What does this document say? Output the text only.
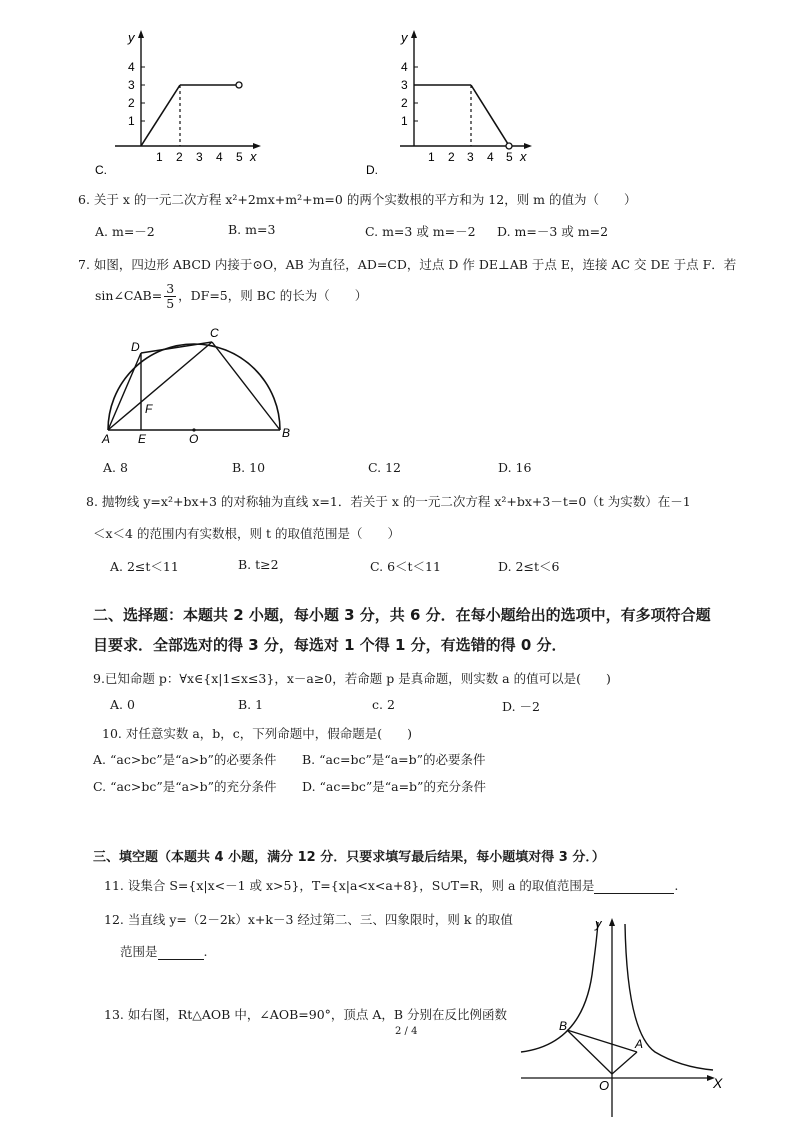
1
2
3
4
y
1 2 3 4 5 x
C.
1
2
3
4
y
1 2 3 4 5 x
D.
6. 关于 x 的一元二次方程 x²+2mx+m²+m=0 的两个实数根的平方和为 12，则 m 的值为（　　）
A. m=－2	B. m=3	C. m=3 或 m=－2 D. m=－3 或 m=2
7. 如图，四边形 ABCD 内接于⊙O，AB 为直径，AD=CD，过点 D 作 DE⊥AB 于点 E，连接 AC 交 DE 于点 F．若
sin∠CAB= $\frac{3}{5}$ ，DF=5，则 BC 的长为（　　）
A E	O	B
C
D
F
A. 8	B. 10	C. 12	D. 16
8. 抛物线 y=x²+bx+3 的对称轴为直线 x=1．若关于 x 的一元二次方程 x²+bx+3－t=0（t 为实数）在－1
＜x＜4 的范围内有实数根，则 t 的取值范围是（　　）
A. 2≤t＜11	B. t≥2	C. 6＜t＜11	D. 2≤t＜6
二、选择题：本题共 2 小题，每小题 3 分，共 6 分．在每小题给出的选项中，有多项符合题
目要求．全部选对的得 3 分，每选对 1 个得 1 分，有选错的得 0 分．
9.已知命题 p：∀x∈{x|1≤x≤3}，x－a≥0，若命题 p 是真命题，则实数 a 的值可以是(　　)
A. 0	B. 1	c. 2	D. －2
10. 对任意实数 a，b，c，下列命题中，假命题是(　　)
A. “ac>bc”是“a>b”的必要条件 B. “ac=bc”是“a=b”的必要条件
C. “ac>bc”是“a>b”的充分条件 D. “ac=bc”是“a=b”的充分条件
三、填空题（本题共 4 小题，满分 12 分．只要求填写最后结果，每小题填对得 3 分．）
11. 设集合 S={x|x<－1 或 x>5}，T={x|a<x<a+8}，S∪T=R，则 a 的取值范围是	.
12. 当直线 y=（2－2k）x+k－3 经过第二、三、四象限时，则 k 的取值
范围是	.
13. 如右图，Rt△AOB 中，∠AOB=90°，顶点 A，B 分别在反比例函数
y
X
B
A
O
2 / 4
